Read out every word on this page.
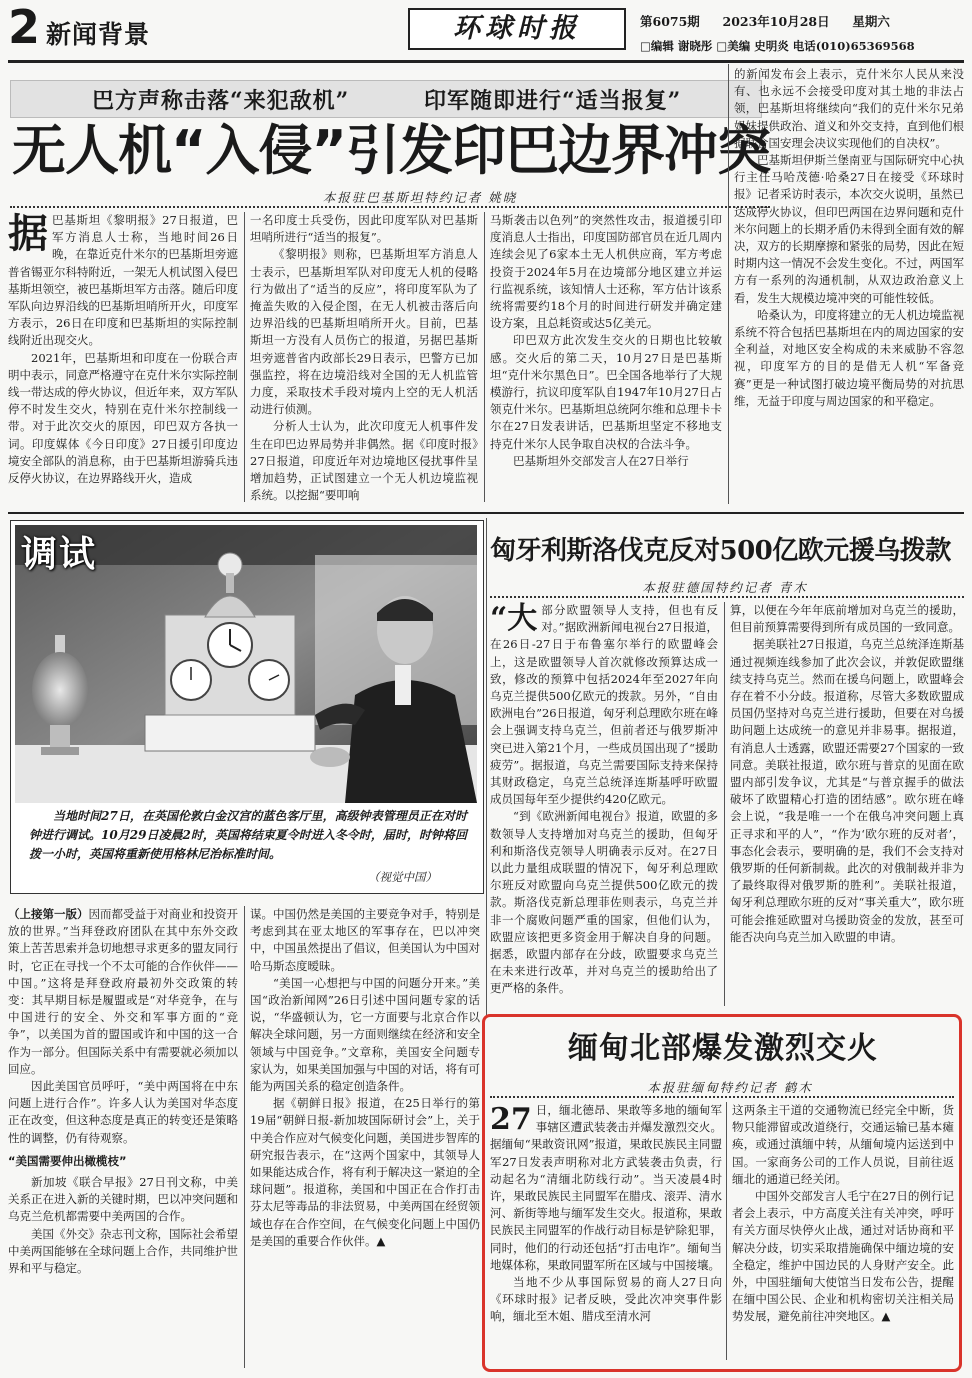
2 新闻背景	环球时报	第6075期 2023年10月28日 星期六
□编辑 谢晓彤 □美编 史明炎 电话(010)65369568
巴方声称击落“来犯敌机”	印军随即进行“适当报复”
无人机“入侵”引发印巴边界冲突
本报驻巴基斯坦特约记者 姚晓
据 巴基斯坦《黎明报》27日报道，巴军方消息人士称，当地时间26日晚，在靠近克什米尔的巴基斯坦旁遮普省锡亚尔科特附近，一架无人机试图入侵巴基斯坦领空，被巴基斯坦军方击落。随后印度军队向边界沿线的巴基斯坦哨所开火，印度军方表示，26日在印度和巴基斯坦的实际控制线附近出现交火。

2021年，巴基斯坦和印度在一份联合声明中表示，同意严格遵守在克什米尔实际控制线一带达成的停火协议，但近年来，双方军队停不时发生交火，特别在克什米尔控制线一带。对于此次交火的原因，印巴双方各执一词。印度媒体《今日印度》27日援引印度边境安全部队的消息称，由于巴基斯坦游骑兵违反停火协议，在边界路线开火，造成

一名印度士兵受伤，因此印度军队对巴基斯坦哨所进行“适当的报复”。

《黎明报》则称，巴基斯坦军方消息人士表示，巴基斯坦军队对印度无人机的侵略行为做出了“适当的反应”，将印度军队为了掩盖失败的入侵企图，在无人机被击落后向边界沿线的巴基斯坦哨所开火。目前，巴基斯坦一方没有人员伤亡的报道，另据巴基斯坦旁遮普省内政部长29日表示，巴警方已加强监控，将在边境沿线对全国的无人机监管力度，采取技术手段对境内上空的无人机活动进行侦测。

分析人士认为，此次印度无人机事件发生在印巴边界局势并非偶然。据《印度时报》27日报道，印度近年对边境地区侵扰事件呈增加趋势，正试图建立一个无人机边境监视系统。以挖掘“要叩响

马斯袭击以色列”的突然性攻击，报道援引印度消息人士指出，印度国防部官员在近几周内连续会见了6家本土无人机供应商，军方考虑投资于2024年5月在边境部分地区建立并运行监视系统，该知情人士还称，军方估计该系统将需要约18个月的时间进行研发并确定建设方案，且总耗资或达5亿美元。

印巴双方此次发生交火的日期也比较敏感。交火后的第二天，10月27日是巴基斯坦“克什米尔黑色日”。巴全国各地举行了大规模游行，抗议印度军队自1947年10月27日占领克什米尔。巴基斯坦总统阿尔维和总理卡卡尔在27日发表讲话，巴基斯坦坚定不移地支持克什米尔人民争取自决权的合法斗争。

巴基斯坦外交部发言人在27日举行

的新闻发布会上表示，克什米尔人民从来没有、也永远不会接受印度对其土地的非法占领，巴基斯坦将继续向“我们的克什米尔兄弟姐妹提供政治、道义和外交支持，直到他们根据联合国安理会决议实现他们的自决权”。

巴基斯坦伊斯兰堡南亚与国际研究中心执行主任马哈茂德·哈桑27日在接受《环球时报》记者采访时表示，本次交火说明，虽然已达成停火协议，但印巴两国在边界问题和克什米尔问题上的长期矛盾仍未得到全面有效的解决，双方的长期摩擦和紧张的局势，因此在短时期内这一情况不会发生变化。不过，两国军方有一系列的沟通机制，从双边政治意义上看，发生大规模边境冲突的可能性较低。

哈桑认为，印度将建立的无人机边境监视系统不符合包括巴基斯坦在内的周边国家的安全利益，对地区安全构成的未来威胁不容忽视，印度军方的目的是借无人机“军备竞赛”更是一种试图打破边境平衡局势的对抗思维，无益于印度与周边国家的和平稳定。

调试
当地时间27日，在英国伦敦白金汉宫的蓝色客厅里，高级钟表管理员正在对时钟进行调试。10月29日凌晨2时，英国将结束夏令时进入冬令时，届时，时钟将回拨一小时，英国将重新使用格林尼治标准时间。
（视觉中国）
匈牙利斯洛伐克反对500亿欧元援乌拨款
本报驻德国特约记者 青木
“大 部分欧盟领导人支持，但也有反对。”据欧洲新闻电视台27日报道，在26日-27日于布鲁塞尔举行的欧盟峰会上，这是欧盟领导人首次就修改预算达成一致，修改的预算中包括2024年至2027年向乌克兰提供500亿欧元的拨款。另外，“自由欧洲电台”26日报道，匈牙利总理欧尔班在峰会上强调支持乌克兰，但前者还与俄罗斯冲突已进入第21个月，一些成员国出现了“援助疲劳”。据报道，乌克兰需要国际支持来保持其财政稳定，乌克兰总统泽连斯基呼吁欧盟成员国每年至少提供约420亿欧元。

“到《欧洲新闻电视台》报道，欧盟的多数领导人支持增加对乌克兰的援助，但匈牙利和斯洛伐克领导人明确表示反对。在27日以此力量组成联盟的情况下，匈牙利总理欧尔班反对欧盟向乌克兰提供500亿欧元的拨款。斯洛伐克新总理菲佐则表示，乌克兰并非一个腐败问题严重的国家，但他们认为，欧盟应该把更多资金用于解决自身的问题。据悉，欧盟内部存在分歧，欧盟要求乌克兰在未来进行改革，并对乌克兰的援助给出了更严格的条件。

算，以便在今年年底前增加对乌克兰的援助，但目前预算需要得到所有成员国的一致同意。

据美联社27日报道，乌克兰总统泽连斯基通过视频连线参加了此次会议，并敦促欧盟继续支持乌克兰。然而在援乌问题上，欧盟峰会存在着不小分歧。报道称，尽管大多数欧盟成员国仍坚持对乌克兰进行援助，但要在对乌援助问题上达成统一的意见并非易事。据报道，有消息人士透露，欧盟还需要27个国家的一致同意。美联社报道，欧尔班与普京的见面在欧盟内部引发争议，尤其是“与普京握手的做法破坏了欧盟精心打造的团结感”。欧尔班在峰会上说，“我是唯一一个在俄乌冲突问题上真正寻求和平的人”，“作为‘欧尔班的反对者’，事态化会表示，要明确的是，我们不会支持对俄罗斯的任何新制裁。此次的对俄制裁并非为了最终取得对俄罗斯的胜利”。美联社报道，匈牙利总理欧尔班的反对“事关重大”，欧尔班可能会推延欧盟对乌援助资金的发放，甚至可能否决向乌克兰加入欧盟的申请。

（上接第一版）因而都受益于对商业和投资开放的世界。”当拜登政府团队在其中东外交政策上苦苦思索并急切地想寻求更多的盟友同行时，它正在寻找一个不太可能的合作伙伴——中国。”这将是拜登政府最初外交政策的转变：其早期目标是履盟或是“对华竞争，在与中国进行的安全、外交和军事方面的“竞争”，以美国为首的盟国或许和中国的这一合作为一部分。但国际关系中有需要就必须加以回应。

因此美国官员呼吁，“美中两国将在中东问题上进行合作”。许多人认为美国对华态度正在改变，但这种态度是真正的转变还是策略性的调整，仍有待观察。

“美国需要伸出橄榄枝”

新加坡《联合早报》27日刊文称，中美关系正在进入新的关键时期，巴以冲突问题和乌克兰危机都需要中美两国的合作。

美国《外交》杂志刊文称，国际社会希望中美两国能够在全球问题上合作，共同维护世界和平与稳定。

谋。中国仍然是美国的主要竞争对手，特别是考虑到其在亚太地区的军事存在，巴以冲突中，中国虽然提出了倡议，但美国认为中国对哈马斯态度暧昧。

“美国一心想把与中国的问题分开来。”美国“政治新闻网”26日引述中国问题专家的话说，“华盛顿认为，它一方面要与北京合作以解决全球问题，另一方面则继续在经济和安全领域与中国竞争。”文章称，美国安全问题专家认为，如果美国加强与中国的对话，将有可能为两国关系的稳定创造条件。

据《朝鲜日报》报道，在25日举行的第19届“朝鲜日报-新加坡国际研讨会”上，关于中美合作应对气候变化问题，美国进步智库的研究报告表示，在“这两个国家中，其领导人如果能达成合作，将有利于解决这一紧迫的全球问题”。报道称，美国和中国正在合作打击芬太尼等毒品的非法贸易，中美两国在经贸领域也存在合作空间，在气候变化问题上中国仍是美国的重要合作伙伴。▲

缅甸北部爆发激烈交火
本报驻缅甸特约记者 鹤木
27 日，缅北德昂、果敢等多地的缅甸军事辖区遭武装袭击并爆发激烈交火。据缅甸“果敢资讯网”报道，果敢民族民主同盟军27日发表声明称对北方武装袭击负责，行动起名为“清缅北防线行动”。当天凌晨4时许，果敢民族民主同盟军在腊戌、滚弄、清水河、新街等地与缅军发生交火。报道称，果敢民族民主同盟军的作战行动目标是铲除犯罪，同时，他们的行动还包括“打击电诈”。缅甸当地媒体称，果敢同盟军所在区域与中国接壤。

当地不少从事国际贸易的商人27日向《环球时报》记者反映，受此次冲突事件影响，缅北至木姐、腊戌至清水河

这两条主干道的交通物流已经完全中断，货物只能滞留或改道绕行，交通运输已基本瘫痪，或通过滇缅中转，从缅甸境内运送到中国。一家商务公司的工作人员说，目前往返缅北的通道已经关闭。

中国外交部发言人毛宁在27日的例行记者会上表示，中方高度关注有关冲突，呼吁有关方面尽快停火止战，通过对话协商和平解决分歧，切实采取措施确保中缅边境的安全稳定，维护中国边民的人身财产安全。此外，中国驻缅甸大使馆当日发布公告，提醒在缅中国公民、企业和机构密切关注相关局势发展，避免前往冲突地区。▲
